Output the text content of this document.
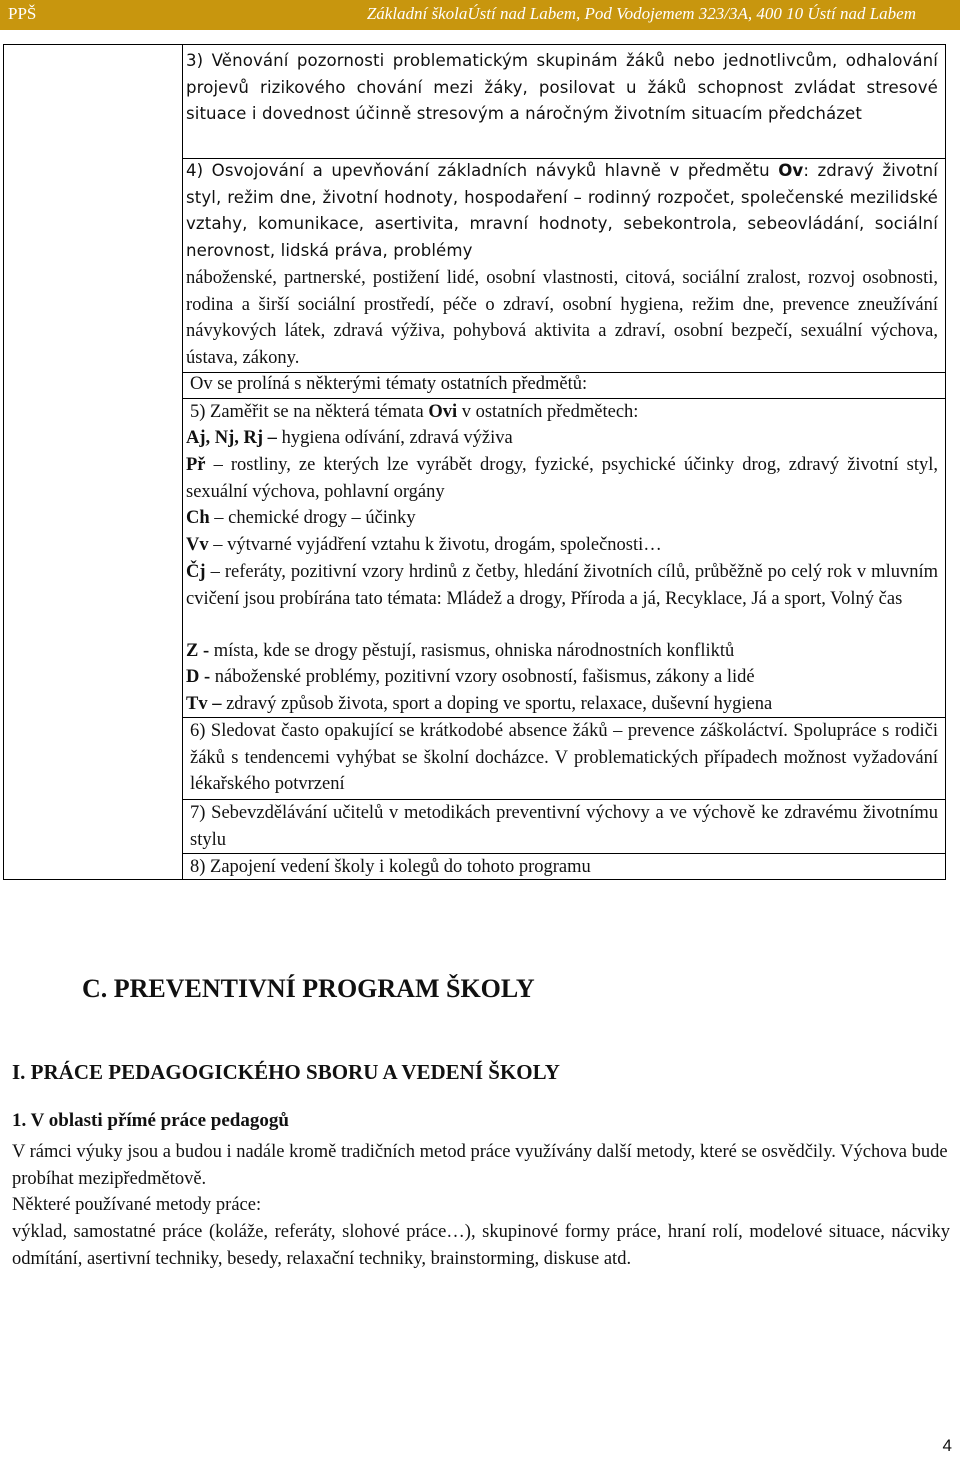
PPŠ	Základní školaÚstí nad Labem, Pod Vodojemem 323/3A, 400 10 Ústí nad Labem

3) Věnování pozornosti problematickým skupinám žáků nebo jednotlivcům, odhalování projevů rizikového chování mezi žáky, posilovat u žáků schopnost zvládat stresové situace i dovednost účinně stresovým a náročným životním situacím předcházet

4) Osvojování a upevňování základních návyků hlavně v předmětu Ov: zdravý životní styl, režim dne, životní hodnoty, hospodaření – rodinný rozpočet, společenské mezilidské vztahy, komunikace, asertivita, mravní hodnoty, sebekontrola, sebeovládání, sociální nerovnost, lidská práva, problémy

náboženské, partnerské, postižení lidé, osobní vlastnosti, citová, sociální zralost, rozvoj osobnosti, rodina a širší sociální prostředí, péče o zdraví, osobní hygiena, režim dne, prevence zneužívání návykových látek, zdravá výživa, pohybová aktivita a zdraví, osobní bezpečí, sexuální výchova, ústava, zákony.

Ov se prolíná s některými tématy ostatních předmětů:

5) Zaměřit se na některá témata Ovi v ostatních předmětech:

Aj, Nj, Rj – hygiena odívání, zdravá výživa

Př – rostliny, ze kterých lze vyrábět drogy, fyzické, psychické účinky drog, zdravý životní styl, sexuální výchova, pohlavní orgány

Ch – chemické drogy – účinky

Vv – výtvarné vyjádření vztahu k životu, drogám, společnosti…

Čj – referáty, pozitivní vzory hrdinů z četby, hledání životních cílů, průběžně po celý rok v mluvním cvičení jsou probírána tato témata: Mládež a drogy, Příroda a já, Recyklace, Já a sport, Volný čas

Z - místa, kde se drogy pěstují, rasismus, ohniska národnostních konfliktů

D - náboženské problémy, pozitivní vzory osobností, fašismus, zákony a lidé

Tv – zdravý způsob života, sport a doping ve sportu, relaxace, duševní hygiena

6) Sledovat často opakující se krátkodobé absence žáků – prevence záškoláctví. Spolupráce s rodiči žáků s tendencemi vyhýbat se školní docházce. V problematických případech možnost vyžadování lékařského potvrzení

7) Sebevzdělávání učitelů v metodikách preventivní výchovy a ve výchově ke zdravému životnímu stylu

8) Zapojení vedení školy i kolegů do tohoto programu

C. PREVENTIVNÍ PROGRAM ŠKOLY
I. PRÁCE PEDAGOGICKÉHO SBORU A VEDENÍ ŠKOLY
1. V oblasti přímé práce pedagogů

V rámci výuky jsou a budou i nadále kromě tradičních metod práce využívány další metody, které se osvědčily. Výchova bude probíhat mezipředmětově.

Některé používané metody práce:

výklad, samostatné práce (koláže, referáty, slohové práce…), skupinové formy práce, hraní rolí, modelové situace, nácviky odmítání, asertivní techniky, besedy, relaxační techniky, brainstorming, diskuse atd.

4
